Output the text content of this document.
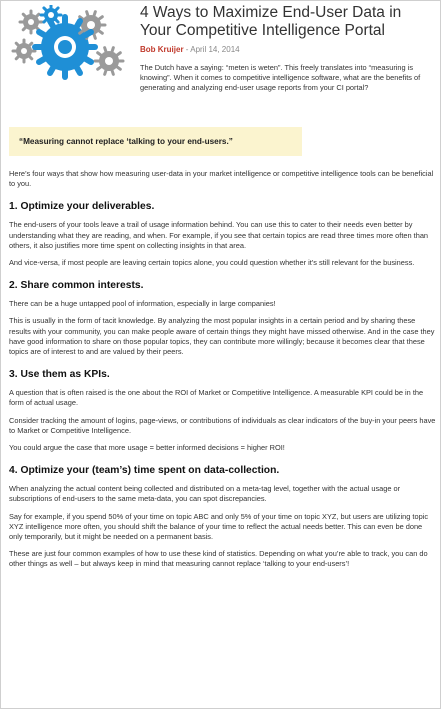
4 Ways to Maximize End-User Data in Your Competitive Intelligence Portal
Bob Kruijer - April 14, 2014
The Dutch have a saying: “meten is weten”. This freely translates into “measuring is knowing”. When it comes to competitive intelligence software, what are the benefits of generating and analyzing end-user usage reports from your CI portal?
“Measuring cannot replace ‘talking to your end-users.”

Here’s four ways that show how measuring user-data in your market intelligence or competitive intelligence tools can be beneficial to you.

1. Optimize your deliverables.

The end-users of your tools leave a trail of usage information behind. You can use this to cater to their needs even better by understanding what they are reading, and when. For example, if you see that certain topics are read three times more often than others, it also justifies more time spent on collecting insights in that area.

And vice-versa, if most people are leaving certain topics alone, you could question whether it’s still relevant for the business.

2. Share common interests.

There can be a huge untapped pool of information, especially in large companies!

This is usually in the form of tacit knowledge. By analyzing the most popular insights in a certain period and by sharing these results with your community, you can make people aware of certain things they might have missed otherwise. And in the case they have good information to share on those popular topics, they can contribute more willingly; because it becomes clear that these topics are of interest to and are valued by their peers.

3. Use them as KPIs.

A question that is often raised is the one about the ROI of Market or Competitive Intelligence. A measurable KPI could be in the form of actual usage.

Consider tracking the amount of logins, page-views, or contributions of individuals as clear indicators of the buy-in your peers have to Market or Competitive Intelligence.

You could argue the case that more usage = better informed decisions = higher ROI!

4. Optimize your (team’s) time spent on data-collection.

When analyzing the actual content being collected and distributed on a meta-tag level, together with the actual usage or subscriptions of end-users to the same meta-data, you can spot discrepancies.

Say for example, if you spend 50% of your time on topic ABC and only 5% of your time on topic XYZ, but users are utilizing topic XYZ intelligence more often, you should shift the balance of your time to reflect the actual needs better. This can even be done only temporarily, but it might be needed on a permanent basis.

These are just four common examples of how to use these kind of statistics. Depending on what you’re able to track, you can do other things as well – but always keep in mind that measuring cannot replace ‘talking to your end-users’!
